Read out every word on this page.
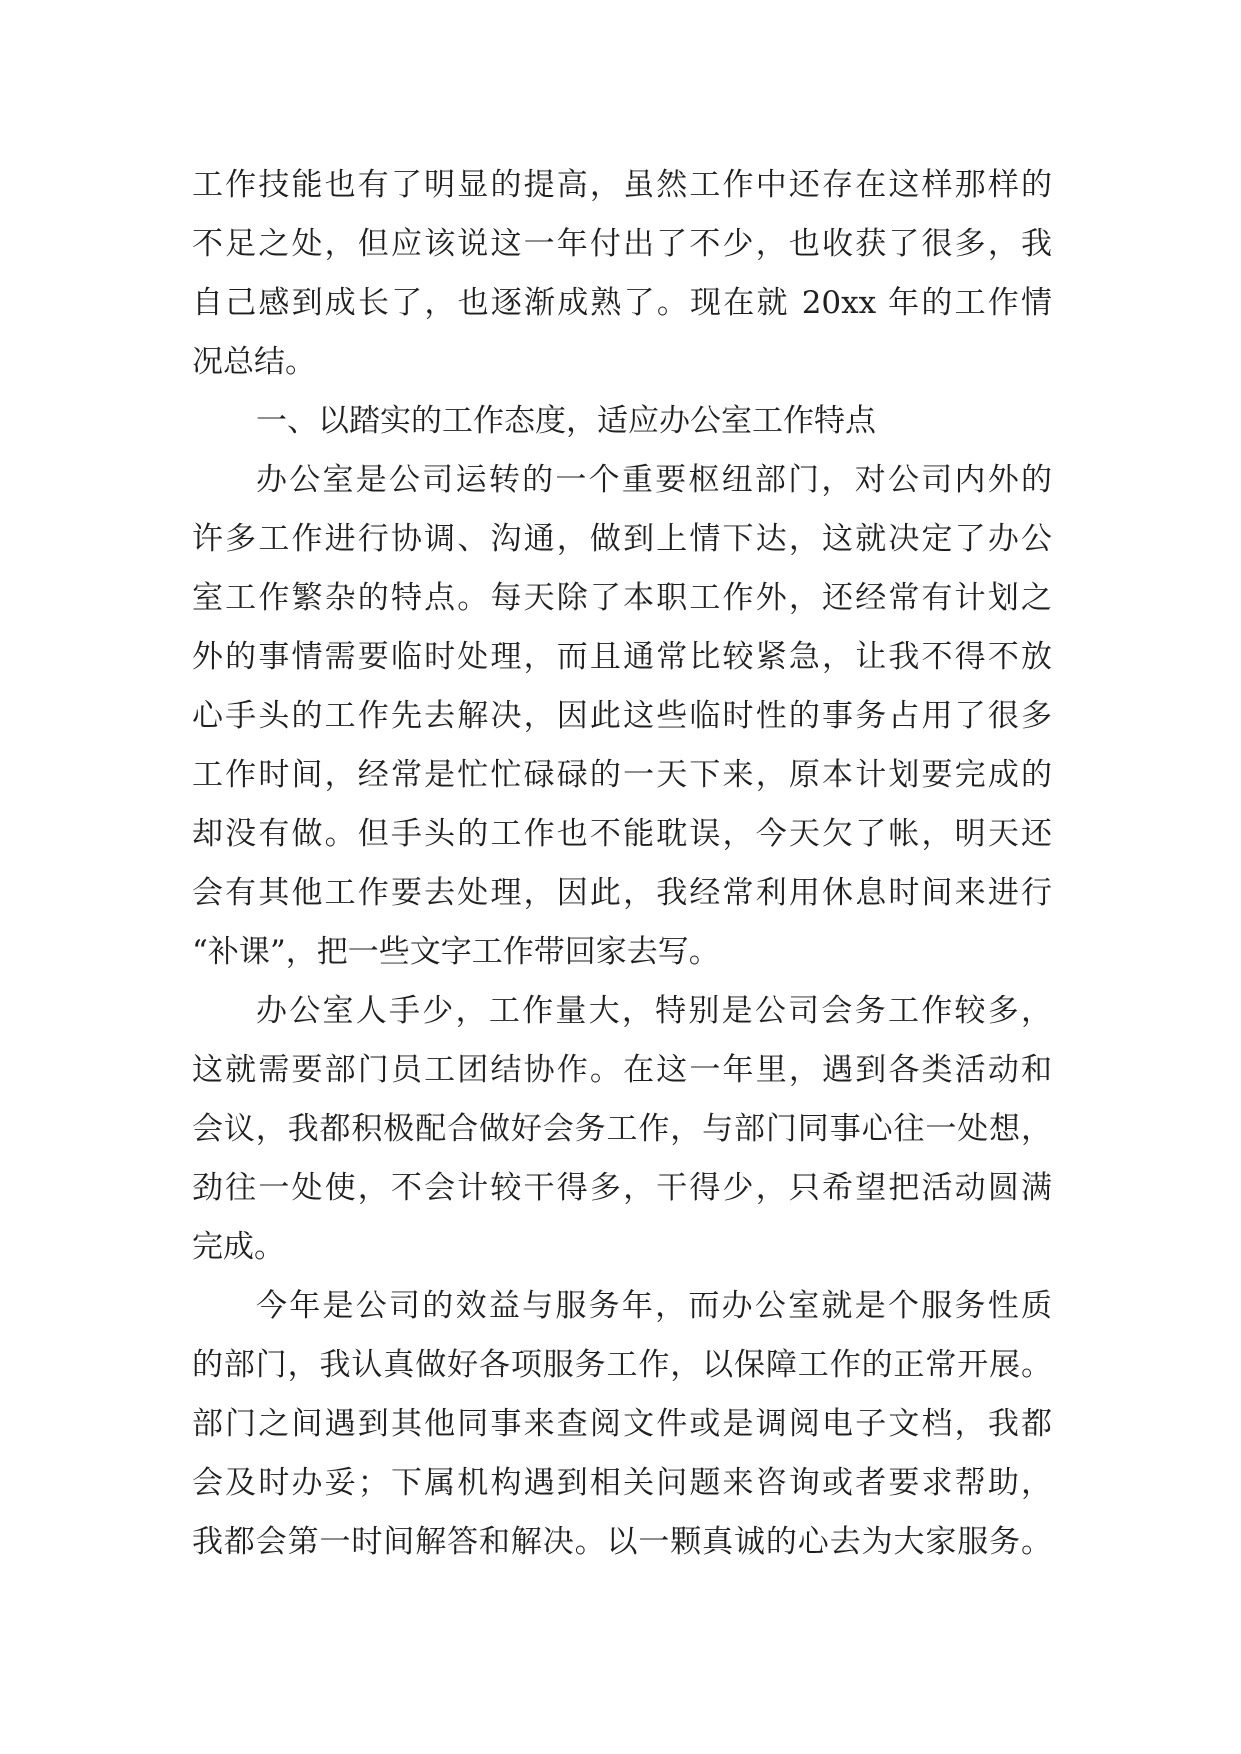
工作技能也有了明显的提高，虽然工作中还存在这样那样的
不足之处，但应该说这一年付出了不少，也收获了很多，我
自己感到成长了，也逐渐成熟了。现在就 20xx 年的工作情
况总结。
一、以踏实的工作态度，适应办公室工作特点
办公室是公司运转的一个重要枢纽部门，对公司内外的
许多工作进行协调、沟通，做到上情下达，这就决定了办公
室工作繁杂的特点。每天除了本职工作外，还经常有计划之
外的事情需要临时处理，而且通常比较紧急，让我不得不放
心手头的工作先去解决，因此这些临时性的事务占用了很多
工作时间，经常是忙忙碌碌的一天下来，原本计划要完成的
却没有做。但手头的工作也不能耽误，今天欠了帐，明天还
会有其他工作要去处理，因此，我经常利用休息时间来进行
“补课”，把一些文字工作带回家去写。
办公室人手少，工作量大，特别是公司会务工作较多，
这就需要部门员工团结协作。在这一年里，遇到各类活动和
会议，我都积极配合做好会务工作，与部门同事心往一处想，
劲往一处使，不会计较干得多，干得少，只希望把活动圆满
完成。
今年是公司的效益与服务年，而办公室就是个服务性质
的部门，我认真做好各项服务工作，以保障工作的正常开展。
部门之间遇到其他同事来查阅文件或是调阅电子文档，我都
会及时办妥；下属机构遇到相关问题来咨询或者要求帮助，
我都会第一时间解答和解决。以一颗真诚的心去为大家服务。
